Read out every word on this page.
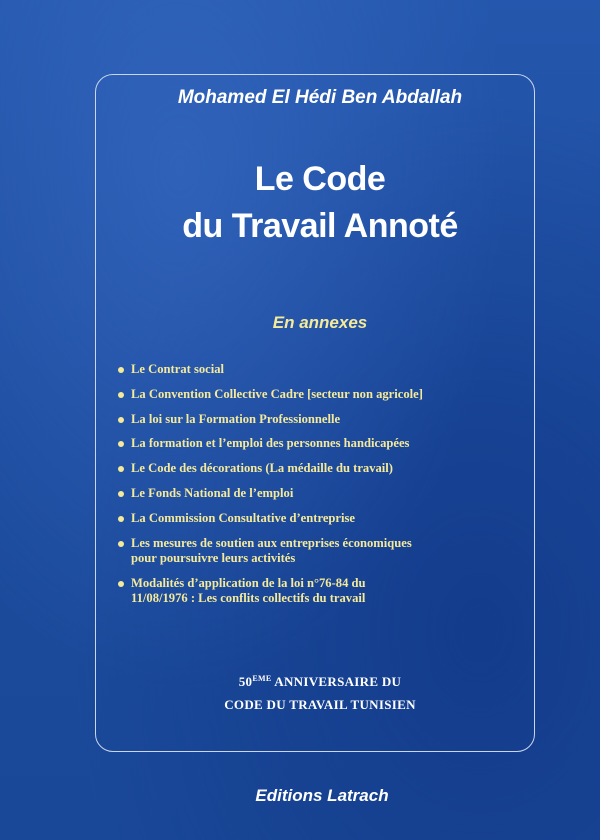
Mohamed El Hédi Ben Abdallah
Le Code
du Travail Annoté
En annexes
Le Contrat social
La Convention Collective Cadre [secteur non agricole]
La loi sur la Formation Professionnelle
La formation et l’emploi des personnes handicapées
Le Code des décorations (La médaille du travail)
Le Fonds National de l’emploi
La Commission Consultative d’entreprise
Les mesures de soutien aux entreprises économiques
pour poursuivre leurs activités
Modalités d’application de la loi n°76-84 du
11/08/1976 : Les conflits collectifs du travail
50EME ANNIVERSAIRE DU
CODE DU TRAVAIL TUNISIEN
Editions Latrach
